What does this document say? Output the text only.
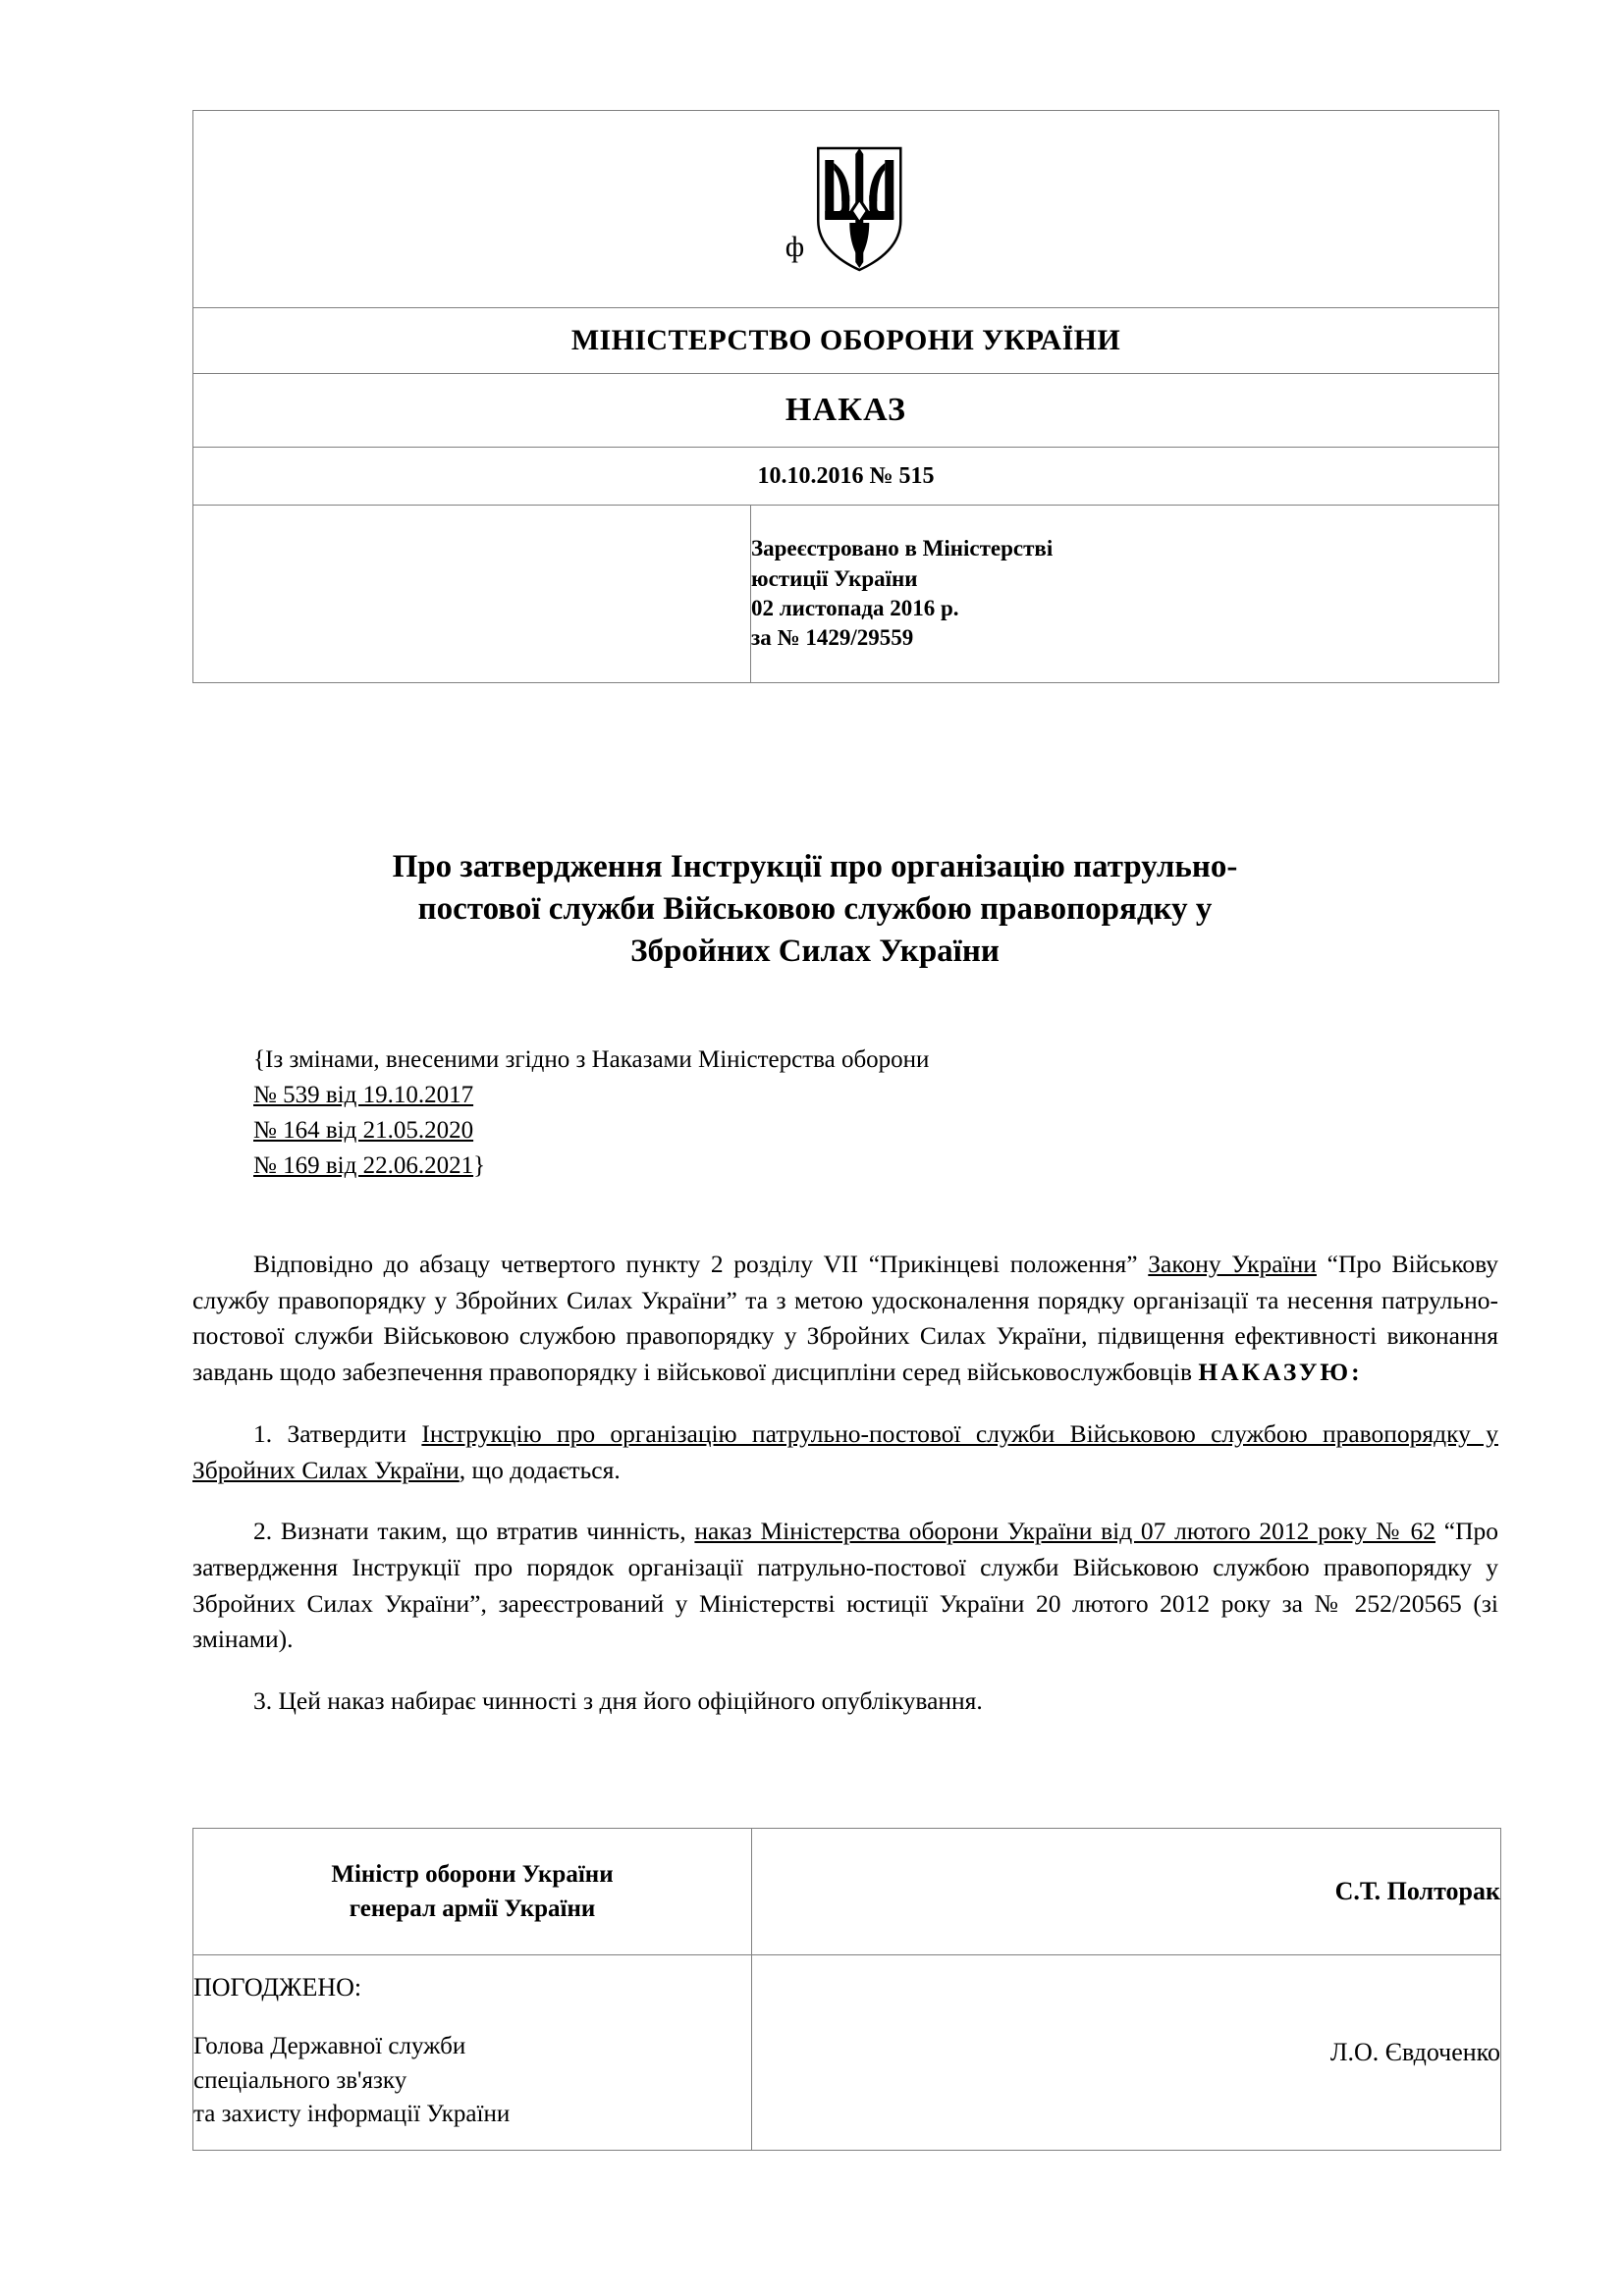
ф

МІНІСТЕРСТВО ОБОРОНИ УКРАЇНИ

НАКАЗ

10.10.2016 № 515

Зареєстровано в Міністерстві
юстиції України
02 листопада 2016 р.
за № 1429/29559
Про затвердження Інструкції про організацію патрульно-
постової служби Військовою службою правопорядку у
Збройних Силах України
{Із змінами, внесеними згідно з Наказами Міністерства оборони
№ 539 від 19.10.2017
№ 164 від 21.05.2020
№ 169 від 22.06.2021}

Відповідно до абзацу четвертого пункту 2 розділу VII “Прикінцеві положення” Закону України “Про Військову службу правопорядку у Збройних Силах України” та з метою удосконалення порядку організації та несення патрульно-постової служби Військовою службою правопорядку у Збройних Силах України, підвищення ефективності виконання завдань щодо забезпечення правопорядку і військової дисципліни серед військовослужбовців НАКАЗУЮ:

1. Затвердити Інструкцію про організацію патрульно-постової служби Військовою службою правопорядку у Збройних Силах України, що додається.

2. Визнати таким, що втратив чинність, наказ Міністерства оборони України від 07 лютого 2012 року № 62 “Про затвердження Інструкції про порядок організації патрульно-постової служби Військовою службою правопорядку у Збройних Силах України”, зареєстрований у Міністерстві юстиції України 20 лютого 2012 року за № 252/20565 (зі змінами).

3. Цей наказ набирає чинності з дня його офіційного опублікування.

Міністр оборони України
генерал армії України	С.Т. Полторак

ПОГОДЖЕНО:
Голова Державної служби
спеціального зв'язку
та захисту інформації України	Л.О. Євдоченко
